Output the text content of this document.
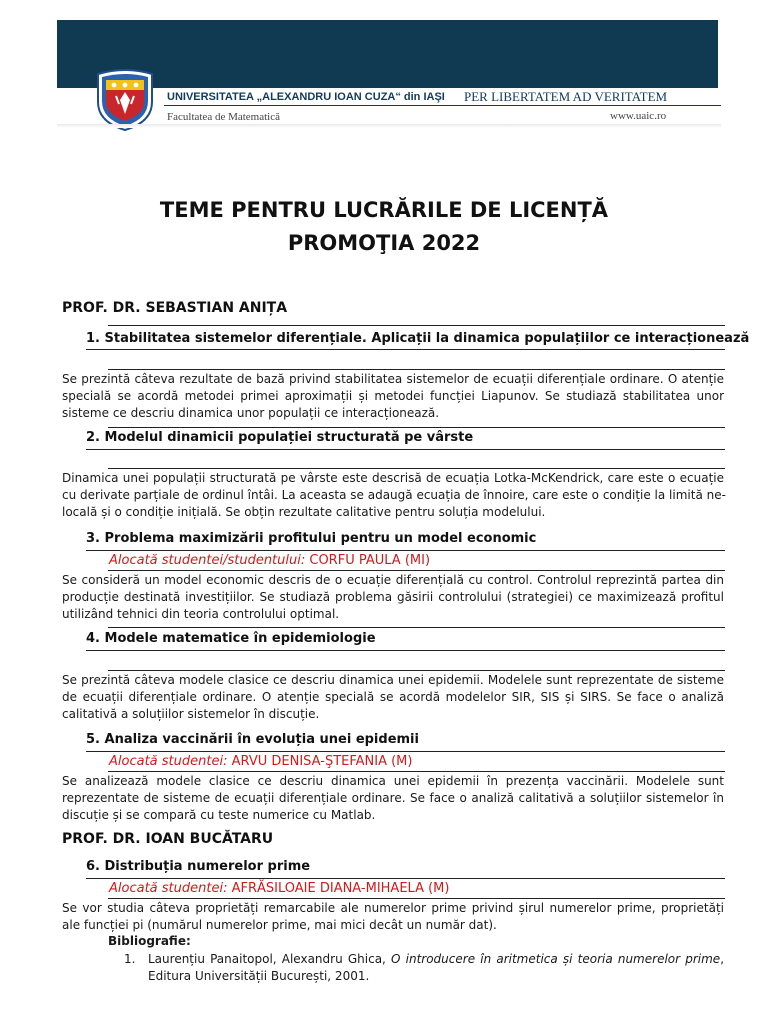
UNIVERSITATEA „ALEXANDRU IOAN CUZA“ din IAŞI PER LIBERTATEM AD VERITATEM
Facultatea de Matematică	www.uaic.ro
TEME PENTRU LUCRĂRILE DE LICENȚĂ
PROMOŢIA 2022
PROF. DR. SEBASTIAN ANIȚA
1. Stabilitatea sistemelor diferențiale. Aplicații la dinamica populațiilor ce interacționează
Se prezintă câteva rezultate de bază privind stabilitatea sistemelor de ecuații diferențiale ordinare. O atenție
specială se acordă metodei primei aproximații și metodei funcției Liapunov. Se studiază stabilitatea unor
sisteme ce descriu dinamica unor populații ce interacționează.
2. Modelul dinamicii populației structurată pe vârste
Dinamica unei populații structurată pe vârste este descrisă de ecuația Lotka-McKendrick, care este o ecuație
cu derivate parțiale de ordinul întâi. La aceasta se adaugă ecuația de înnoire, care este o condiție la limită ne-
locală și o condiție inițială. Se obțin rezultate calitative pentru soluția modelului.
3. Problema maximizării profitului pentru un model economic
Alocată studentei/studentului: CORFU PAULA (MI)
Se consideră un model economic descris de o ecuație diferențială cu control. Controlul reprezintă partea din
producție destinată investițiilor. Se studiază problema găsirii controlului (strategiei) ce maximizează profitul
utilizând tehnici din teoria controlului optimal.
4. Modele matematice în epidemiologie
Se prezintă câteva modele clasice ce descriu dinamica unei epidemii. Modelele sunt reprezentate de sisteme
de ecuații diferențiale ordinare. O atenție specială se acordă modelelor SIR, SIS și SIRS. Se face o analiză
calitativă a soluțiilor sistemelor în discuție.
5. Analiza vaccinării în evoluția unei epidemii
Alocată studentei: ARVU DENISA-ŞTEFANIA (M)
Se analizează modele clasice ce descriu dinamica unei epidemii în prezența vaccinării. Modelele sunt
reprezentate de sisteme de ecuații diferențiale ordinare. Se face o analiză calitativă a soluțiilor sistemelor în
discuție și se compară cu teste numerice cu Matlab.
PROF. DR. IOAN BUCĂTARU
6. Distribuția numerelor prime
Alocată studentei: AFRĂSILOAIE DIANA-MIHAELA (M)
Se vor studia câteva proprietăți remarcabile ale numerelor prime privind șirul numerelor prime, proprietăți
ale funcției pi (numărul numerelor prime, mai mici decât un număr dat).
Bibliografie:
1. Laurențiu Panaitopol, Alexandru Ghica, O introducere în aritmetica și teoria numerelor prime,
Editura Universității București, 2001.
